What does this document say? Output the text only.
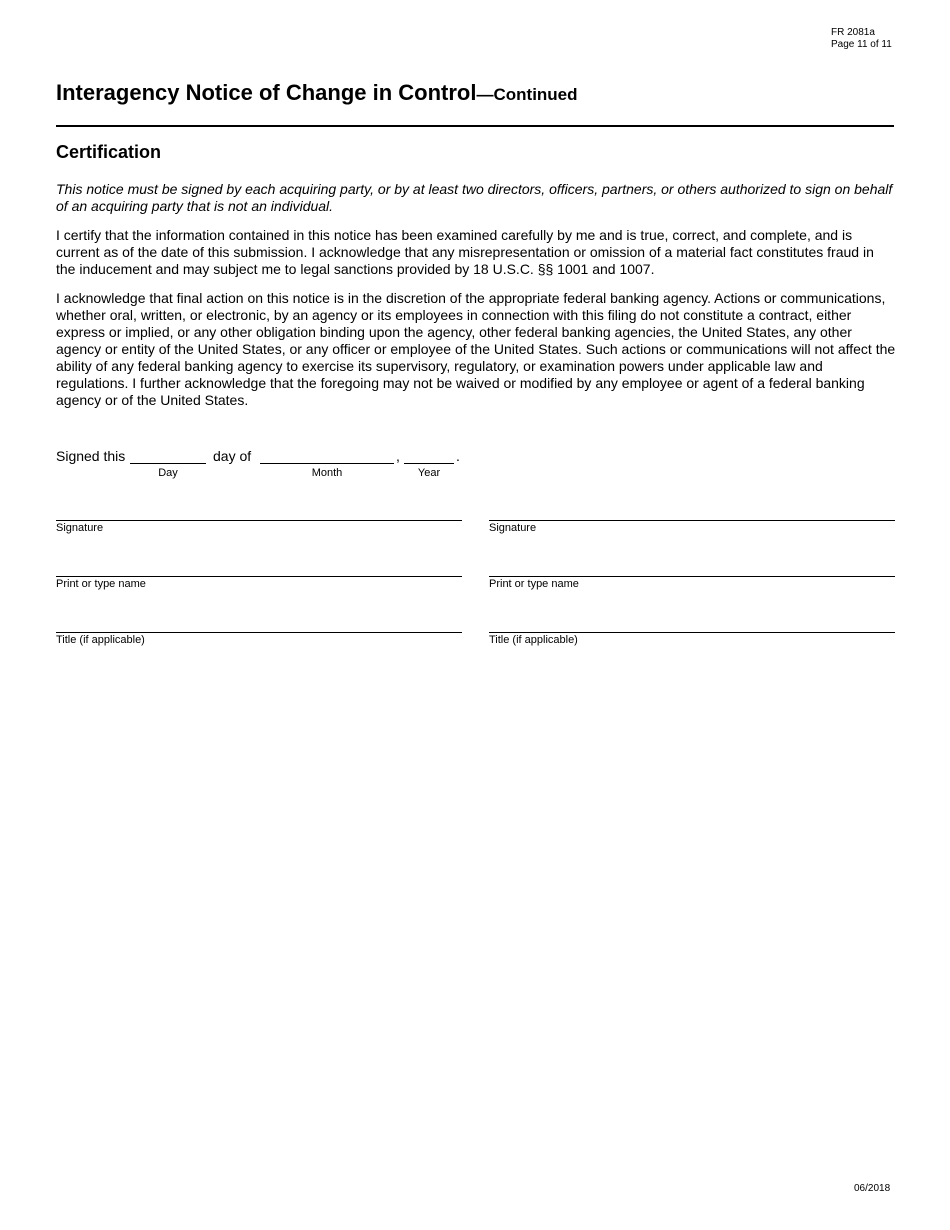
FR 2081a
Page 11 of 11
Interagency Notice of Change in Control—Continued
Certification

This notice must be signed by each acquiring party, or by at least two directors, officers, partners, or others authorized to sign on behalf of an acquiring party that is not an individual.

I certify that the information contained in this notice has been examined carefully by me and is true, correct, and complete, and is current as of the date of this submission. I acknowledge that any misrepresentation or omission of a material fact constitutes fraud in the inducement and may subject me to legal sanctions provided by 18 U.S.C. §§ 1001 and 1007.

I acknowledge that final action on this notice is in the discretion of the appropriate federal banking agency. Actions or communications, whether oral, written, or electronic, by an agency or its employees in connection with this filing do not constitute a contract, either express or implied, or any other obligation binding upon the agency, other federal banking agencies, the United States, any other agency or entity of the United States, or any officer or employee of the United States. Such actions or communications will not affect the ability of any federal banking agency to exercise its supervisory, regulatory, or examination powers under applicable law and regulations. I further acknowledge that the foregoing may not be waived or modified by any employee or agent of a federal banking agency or of the United States.

Signed this
Day
day of
Month
,
Year
.
Signature
Print or type name
Title (if applicable)
Signature
Print or type name
Title (if applicable)
06/2018
